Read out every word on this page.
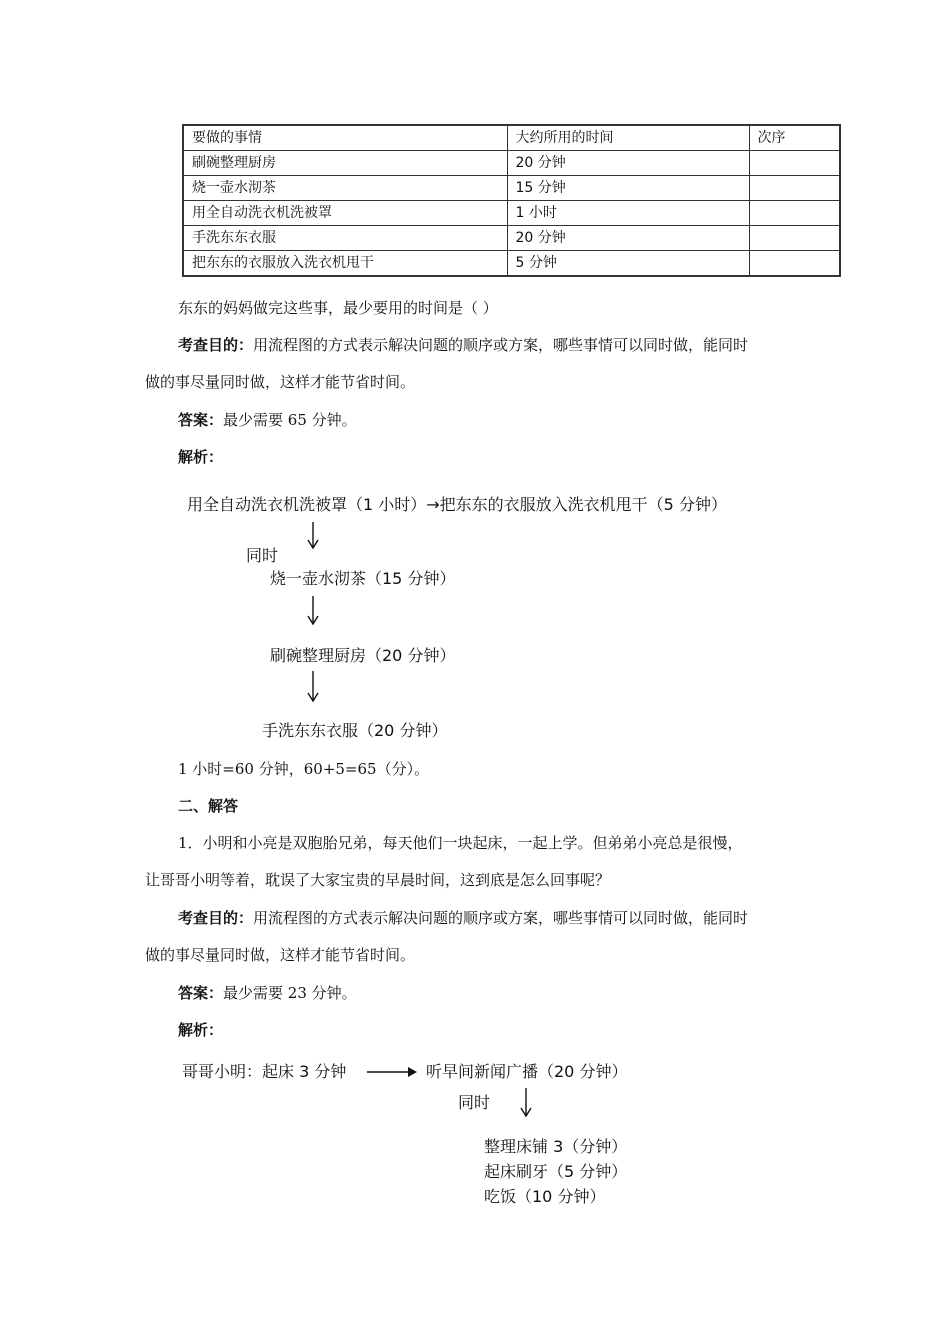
要做的事情	大约所用的时间	次序
刷碗整理厨房	20 分钟	
烧一壶水沏茶	15 分钟	
用全自动洗衣机洗被罩	1 小时	
手洗东东衣服	20 分钟	
把东东的衣服放入洗衣机甩干	5 分钟	
东东的妈妈做完这些事，最少要用的时间是（ ）
考查目的：用流程图的方式表示解决问题的顺序或方案，哪些事情可以同时做，能同时
做的事尽量同时做，这样才能节省时间。
答案：最少需要 65 分钟。
解析：
用全自动洗衣机洗被罩（1 小时）→把东东的衣服放入洗衣机甩干（5 分钟）
同时
烧一壶水沏茶（15 分钟）
刷碗整理厨房（20 分钟）
手洗东东衣服（20 分钟）
1 小时=60 分钟，60+5=65（分）。
二、解答
1．小明和小亮是双胞胎兄弟，每天他们一块起床，一起上学。但弟弟小亮总是很慢，
让哥哥小明等着，耽误了大家宝贵的早晨时间，这到底是怎么回事呢？
考查目的：用流程图的方式表示解决问题的顺序或方案，哪些事情可以同时做，能同时
做的事尽量同时做，这样才能节省时间。
答案：最少需要 23 分钟。
解析：
哥哥小明：起床 3 分钟	听早间新闻广播（20 分钟）
同时
整理床铺 3（分钟）
起床刷牙（5 分钟）
吃饭（10 分钟）
